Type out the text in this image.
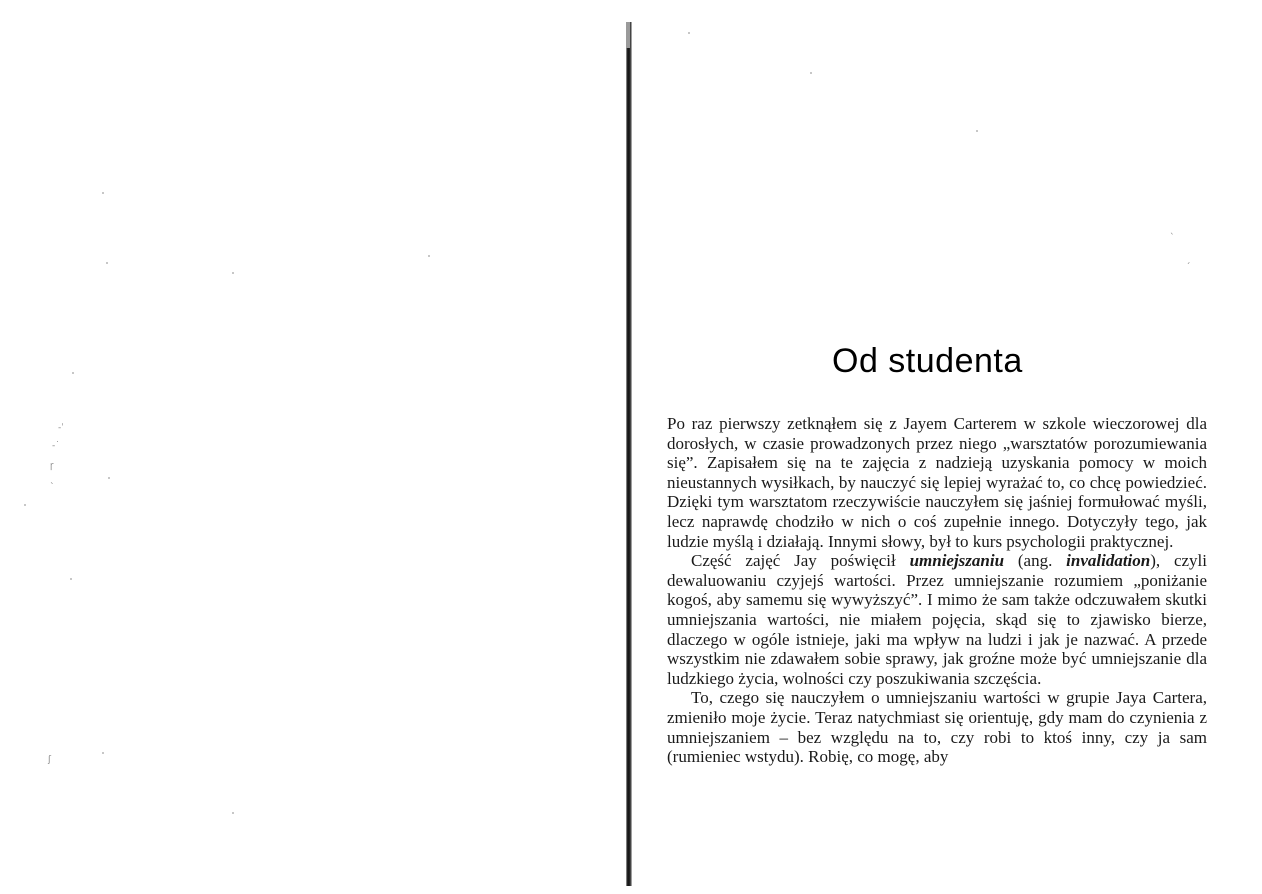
-ˈ
‐˙
ꞅ
ˎ
ʃ
ˋ
ˏ
Od studenta

Po raz pierwszy zetknąłem się z Jayem Carterem w szkole wieczorowej dla dorosłych, w czasie prowadzonych przez niego „warsztatów porozumiewania się”. Zapisałem się na te zajęcia z nadzieją uzyskania pomocy w moich nieustannych wysiłkach, by nauczyć się lepiej wyrażać to, co chcę powiedzieć. Dzięki tym warsztatom rzeczywiście nauczyłem się jaśniej formułować myśli, lecz naprawdę chodziło w nich o coś zupełnie innego. Dotyczyły tego, jak ludzie myślą i działają. Innymi słowy, był to kurs psychologii praktycznej.

Część zajęć Jay poświęcił umniejszaniu (ang. invalidation), czyli dewaluowaniu czyjejś wartości. Przez umniejszanie rozumiem „poniżanie kogoś, aby samemu się wywyższyć”. I mimo że sam także odczuwałem skutki umniejszania wartości, nie miałem pojęcia, skąd się to zjawisko bierze, dlaczego w ogóle istnieje, jaki ma wpływ na ludzi i jak je nazwać. A przede wszystkim nie zdawałem sobie sprawy, jak groźne może być umniejszanie dla ludzkiego życia, wolności czy poszukiwania szczęścia.

To, czego się nauczyłem o umniejszaniu wartości w grupie Jaya Cartera, zmieniło moje życie. Teraz natychmiast się orientuję, gdy mam do czynienia z umniejszaniem – bez względu na to, czy robi to ktoś inny, czy ja sam (rumieniec wstydu). Robię, co mogę, aby
